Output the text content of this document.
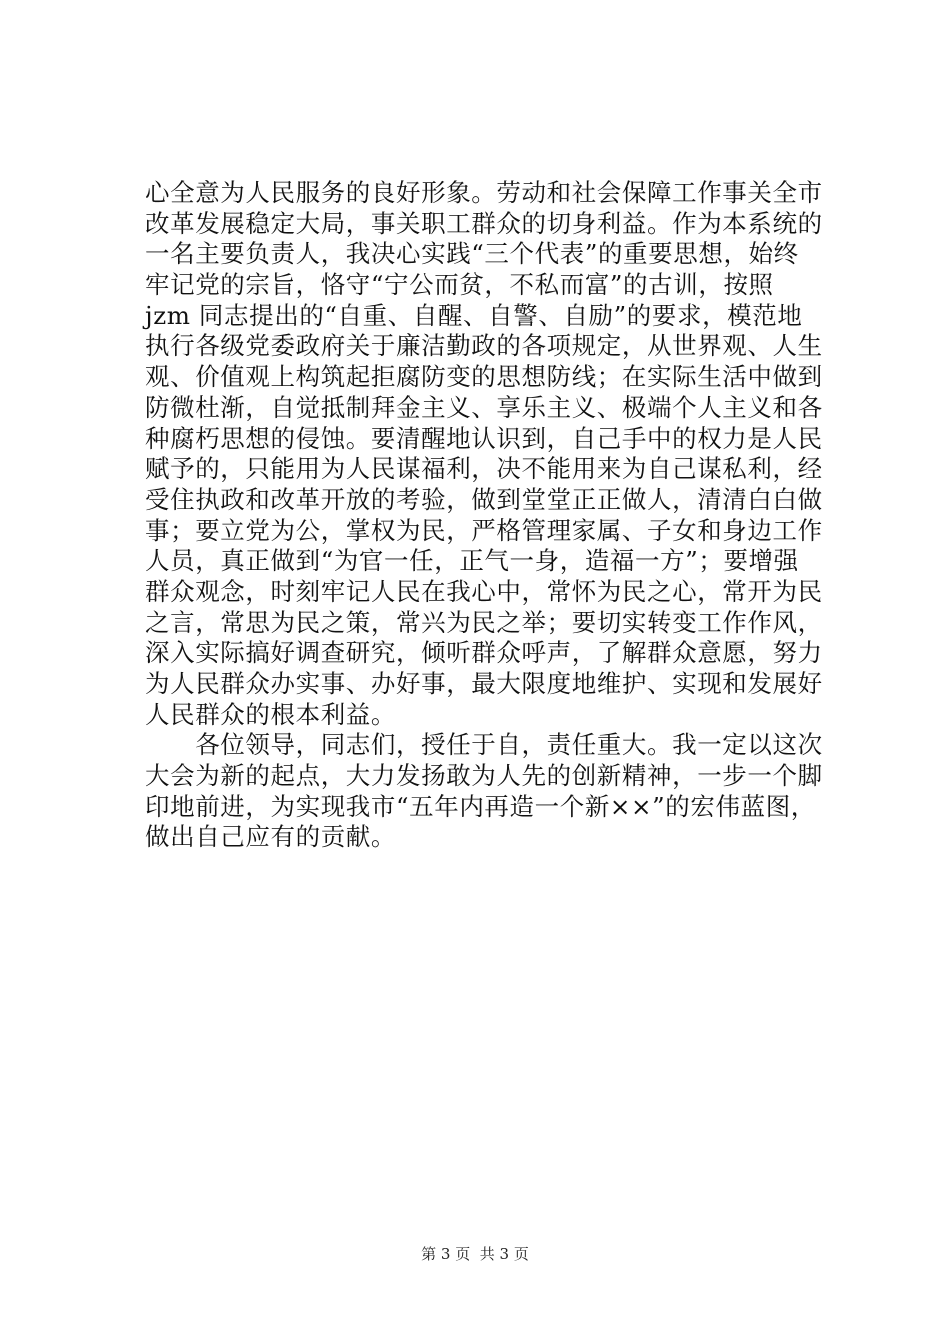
心全意为人民服务的良好形象。劳动和社会保障工作事关全市
改革发展稳定大局，事关职工群众的切身利益。作为本系统的
一名主要负责人，我决心实践“三个代表”的重要思想，始终
牢记党的宗旨，恪守“宁公而贫，不私而富”的古训，按照
jzm 同志提出的“自重、自醒、自警、自励”的要求，模范地
执行各级党委政府关于廉洁勤政的各项规定，从世界观、人生
观、价值观上构筑起拒腐防变的思想防线；在实际生活中做到
防微杜渐，自觉抵制拜金主义、享乐主义、极端个人主义和各
种腐朽思想的侵蚀。要清醒地认识到，自己手中的权力是人民
赋予的，只能用为人民谋福利，决不能用来为自己谋私利，经
受住执政和改革开放的考验，做到堂堂正正做人，清清白白做
事；要立党为公，掌权为民，严格管理家属、子女和身边工作
人员，真正做到“为官一任，正气一身，造福一方”；要增强
群众观念，时刻牢记人民在我心中，常怀为民之心，常开为民
之言，常思为民之策，常兴为民之举；要切实转变工作作风，
深入实际搞好调查研究，倾听群众呼声，了解群众意愿，努力
为人民群众办实事、办好事，最大限度地维护、实现和发展好
人民群众的根本利益。
　　各位领导，同志们，授任于自，责任重大。我一定以这次
大会为新的起点，大力发扬敢为人先的创新精神，一步一个脚
印地前进，为实现我市“五年内再造一个新××”的宏伟蓝图，
做出自己应有的贡献。
第 3 页  共 3 页
